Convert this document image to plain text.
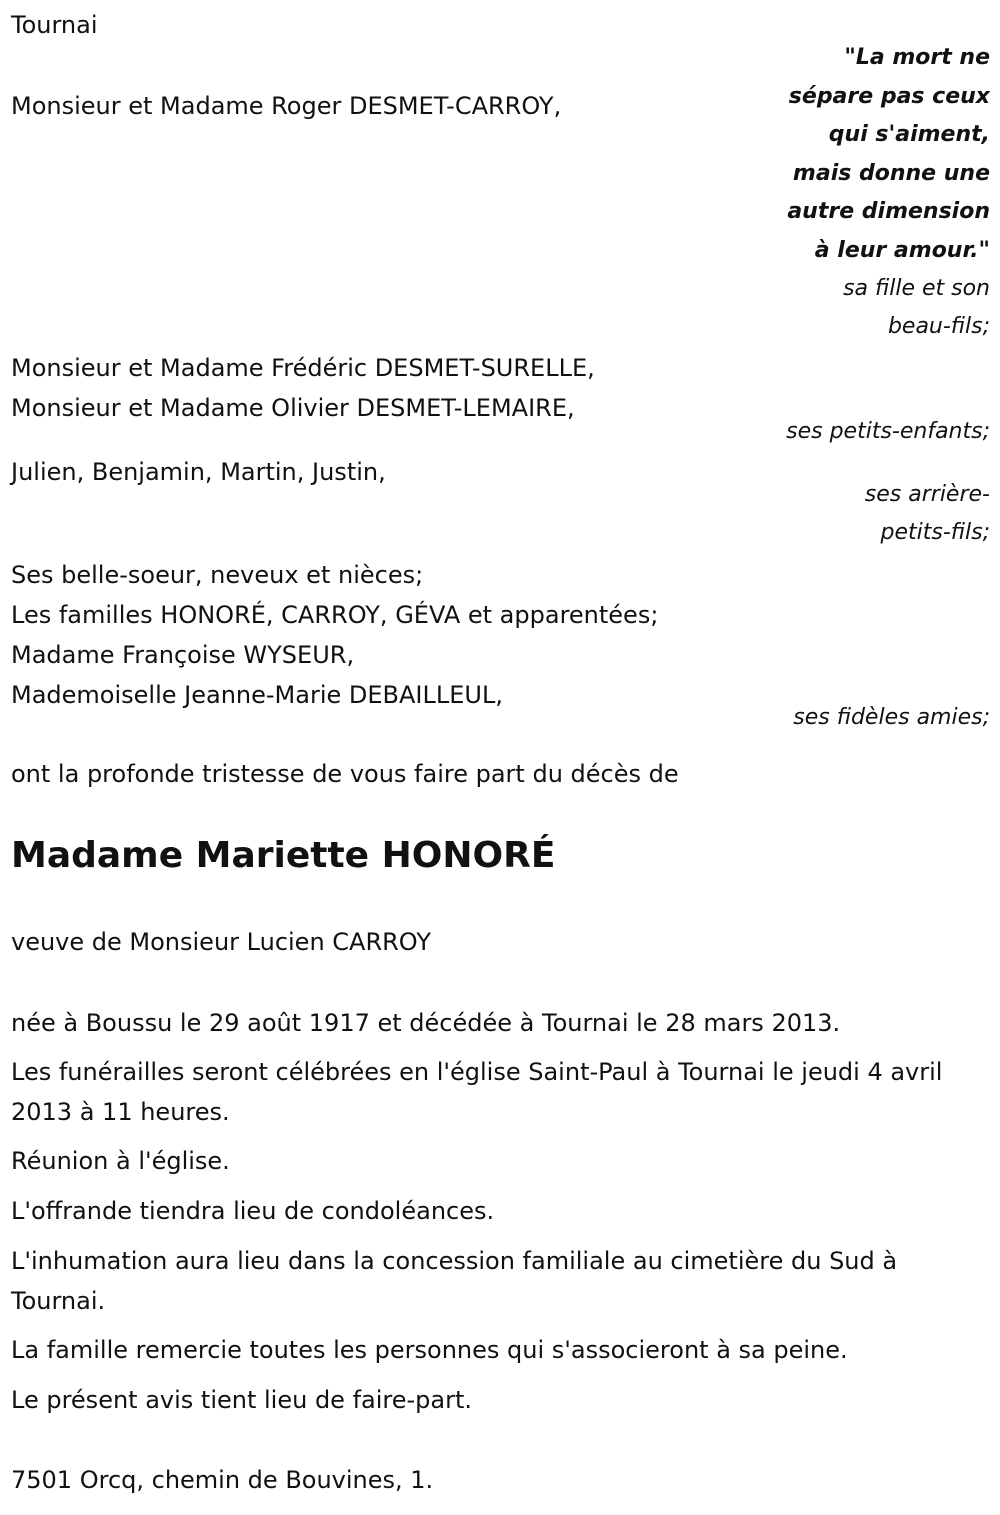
Tournai
"La mort ne
sépare pas ceux
qui s'aiment,
mais donne une
autre dimension
à leur amour."
Monsieur et Madame Roger DESMET-CARROY,
sa fille et son
beau-fils;
Monsieur et Madame Frédéric DESMET-SURELLE,
Monsieur et Madame Olivier DESMET-LEMAIRE,
ses petits-enfants;
Julien, Benjamin, Martin, Justin,
ses arrière-
petits-fils;
Ses belle-soeur, neveux et nièces;
Les familles HONORÉ, CARROY, GÉVA et apparentées;
Madame Françoise WYSEUR,
Mademoiselle Jeanne-Marie DEBAILLEUL,
ses fidèles amies;
ont la profonde tristesse de vous faire part du décès de
Madame Mariette HONORÉ
veuve de Monsieur Lucien CARROY
née à Boussu le 29 août 1917 et décédée à Tournai le 28 mars 2013.
Les funérailles seront célébrées en l'église Saint-Paul à Tournai le jeudi 4 avril 2013 à 11 heures.
Réunion à l'église.
L'offrande tiendra lieu de condoléances.
L'inhumation aura lieu dans la concession familiale au cimetière du Sud à Tournai.
La famille remercie toutes les personnes qui s'associeront à sa peine.
Le présent avis tient lieu de faire-part.
7501 Orcq, chemin de Bouvines, 1.
